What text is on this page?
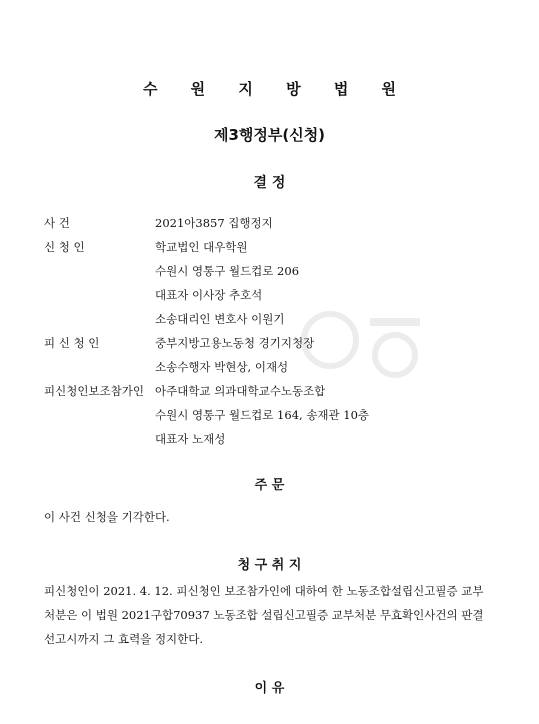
수 원 지 방 법 원
제3행정부(신청)
결 정
사 건	2021아3857 집행정지
신 청 인	학교법인 대우학원
수원시 영통구 월드컵로 206
대표자 이사장 추호석
소송대리인 변호사 이원기
피 신 청 인	중부지방고용노동청 경기지청장
소송수행자 박현상, 이재성
피신청인보조참가인 아주대학교 의과대학교수노동조합
수원시 영통구 월드컵로 164, 송재관 10층
대표자 노재성
주 문
이 사건 신청을 기각한다.
청 구 취 지
피신청인이 2021. 4. 12. 피신청인 보조참가인에 대하여 한 노동조합설립신고필증 교부
처분은 이 법원 2021구합70937 노동조합 설립신고필증 교부처분 무효확인사건의 판결
선고시까지 그 효력을 정지한다.
이 유
